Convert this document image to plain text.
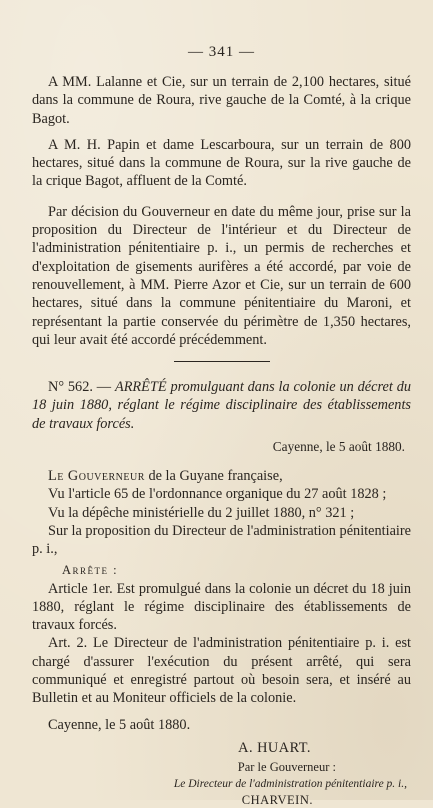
— 341 —

A MM. Lalanne et Cie, sur un terrain de 2,100 hectares, situé dans la commune de Roura, rive gauche de la Comté, à la crique Bagot.

A M. H. Papin et dame Lescarboura, sur un terrain de 800 hectares, situé dans la commune de Roura, sur la rive gauche de la crique Bagot, affluent de la Comté.

Par décision du Gouverneur en date du même jour, prise sur la proposition du Directeur de l'intérieur et du Directeur de l'administration pénitentiaire p. i., un permis de recherches et d'exploitation de gisements aurifères a été accordé, par voie de renouvellement, à MM. Pierre Azor et Cie, sur un terrain de 600 hectares, situé dans la commune pénitentiaire du Maroni, et représentant la partie conservée du périmètre de 1,350 hectares, qui leur avait été accordé précédemment.

N° 562. — ARRÊTÉ promulguant dans la colonie un décret du 18 juin 1880, réglant le régime disciplinaire des établissements de travaux forcés.

Cayenne, le 5 août 1880.

Le Gouverneur de la Guyane française,

Vu l'article 65 de l'ordonnance organique du 27 août 1828 ;

Vu la dépêche ministérielle du 2 juillet 1880, n° 321 ;

Sur la proposition du Directeur de l'administration pénitentiaire p. i.,

Arrête :

Article 1er. Est promulgué dans la colonie un décret du 18 juin 1880, réglant le régime disciplinaire des établissements de travaux forcés.

Art. 2. Le Directeur de l'administration pénitentiaire p. i. est chargé d'assurer l'exécution du présent arrêté, qui sera communiqué et enregistré partout où besoin sera, et inséré au Bulletin et au Moniteur officiels de la colonie.

Cayenne, le 5 août 1880.

A. HUART.
Par le Gouverneur :
Le Directeur de l'administration pénitentiaire p. i.,
CHARVEIN.
